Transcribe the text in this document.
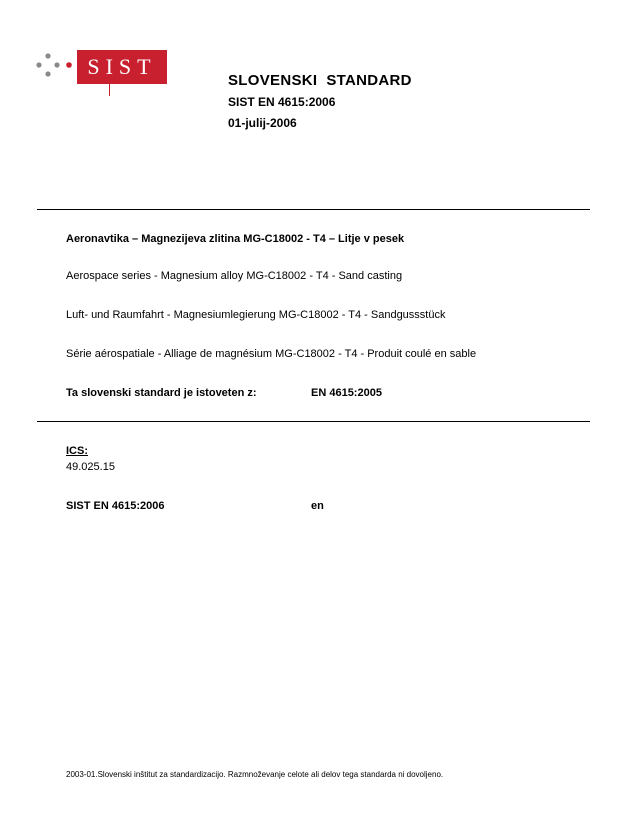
SIST
SLOVENSKI  STANDARD
SIST EN 4615:2006
01-julij-2006
Aeronavtika – Magnezijeva zlitina MG-C18002 - T4 – Litje v pesek
Aerospace series - Magnesium alloy MG-C18002 - T4 - Sand casting
Luft- und Raumfahrt - Magnesiumlegierung MG-C18002 - T4 - Sandgussstück
Série aérospatiale - Alliage de magnésium MG-C18002 - T4 - Produit coulé en sable
Ta slovenski standard je istoveten z:	EN 4615:2005
ICS:
49.025.15
SIST EN 4615:2006	en
2003-01.Slovenski inštitut za standardizacijo. Razmnoževanje celote ali delov tega standarda ni dovoljeno.
